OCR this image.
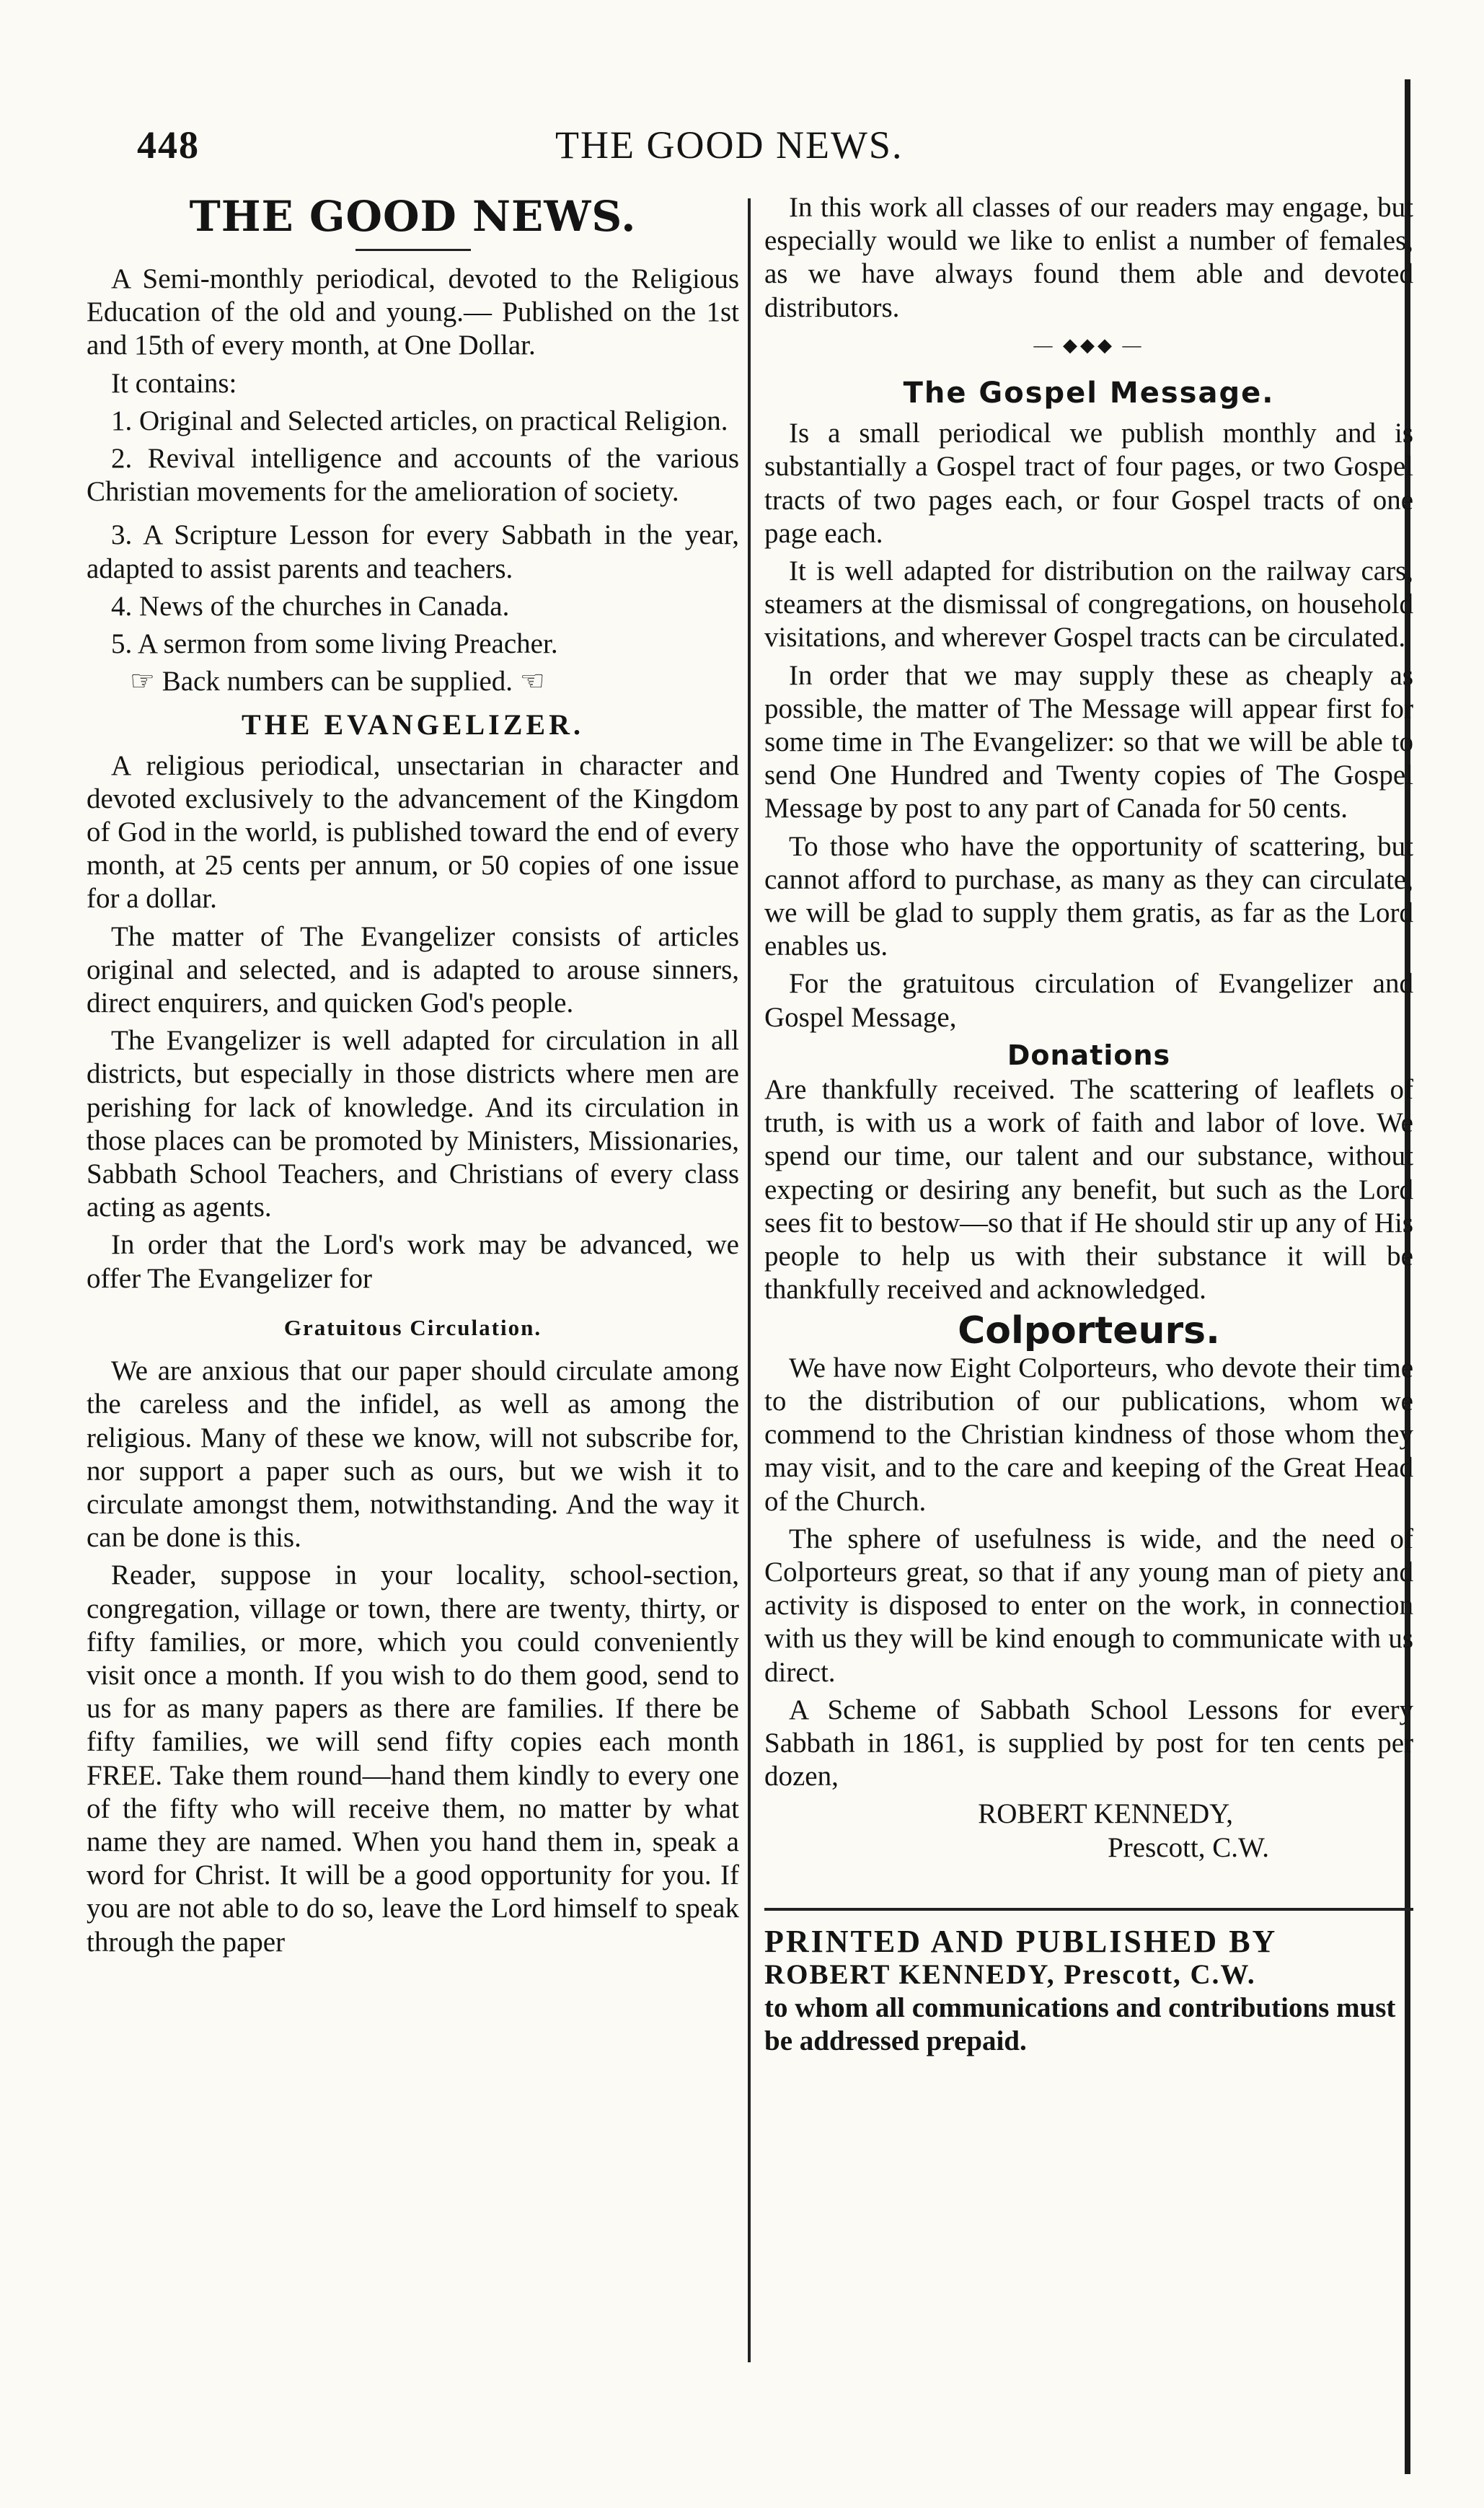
448	THE GOOD NEWS.
THE GOOD NEWS.

A Semi-monthly periodical, devoted to the Religious Education of the old and young.— Published on the 1st and 15th of every month, at One Dollar.

It contains:

1. Original and Selected articles, on practical Religion.

2. Revival intelligence and accounts of the various Christian movements for the amelioration of society.

3. A Scripture Lesson for every Sabbath in the year, adapted to assist parents and teachers.

4. News of the churches in Canada.

5. A sermon from some living Preacher.

☞ Back numbers can be supplied. ☜

THE EVANGELIZER.

A religious periodical, unsectarian in character and devoted exclusively to the advancement of the Kingdom of God in the world, is published toward the end of every month, at 25 cents per annum, or 50 copies of one issue for a dollar.

The matter of The Evangelizer consists of articles original and selected, and is adapted to arouse sinners, direct enquirers, and quicken God's people.

The Evangelizer is well adapted for circulation in all districts, but especially in those districts where men are perishing for lack of knowledge. And its circulation in those places can be promoted by Ministers, Missionaries, Sabbath School Teachers, and Christians of every class acting as agents.

In order that the Lord's work may be advanced, we offer The Evangelizer for

Gratuitous Circulation.

We are anxious that our paper should circulate among the careless and the infidel, as well as among the religious. Many of these we know, will not subscribe for, nor support a paper such as ours, but we wish it to circulate amongst them, notwithstanding. And the way it can be done is this.

Reader, suppose in your locality, school-section, congregation, village or town, there are twenty, thirty, or fifty families, or more, which you could conveniently visit once a month. If you wish to do them good, send to us for as many papers as there are families. If there be fifty families, we will send fifty copies each month FREE. Take them round—hand them kindly to every one of the fifty who will receive them, no matter by what name they are named. When you hand them in, speak a word for Christ. It will be a good opportunity for you. If you are not able to do so, leave the Lord himself to speak through the paper

In this work all classes of our readers may engage, but especially would we like to enlist a number of females, as we have always found them able and devoted distributors.

— ◆◆◆ —
The Gospel Message.

Is a small periodical we publish monthly and is substantially a Gospel tract of four pages, or two Gospel tracts of two pages each, or four Gospel tracts of one page each.

It is well adapted for distribution on the railway cars, steamers at the dismissal of congregations, on household visitations, and wherever Gospel tracts can be circulated.

In order that we may supply these as cheaply as possible, the matter of The Message will appear first for some time in The Evangelizer: so that we will be able to send One Hundred and Twenty copies of The Gospel Message by post to any part of Canada for 50 cents.

To those who have the opportunity of scattering, but cannot afford to purchase, as many as they can circulate, we will be glad to supply them gratis, as far as the Lord enables us.

For the gratuitous circulation of Evangelizer and Gospel Message,

Donations

Are thankfully received. The scattering of leaflets of truth, is with us a work of faith and labor of love. We spend our time, our talent and our substance, without expecting or desiring any benefit, but such as the Lord sees fit to bestow—so that if He should stir up any of His people to help us with their substance it will be thankfully received and acknowledged.

Colporteurs.

We have now Eight Colporteurs, who devote their time to the distribution of our publications, whom we commend to the Christian kindness of those whom they may visit, and to the care and keeping of the Great Head of the Church.

The sphere of usefulness is wide, and the need of Colporteurs great, so that if any young man of piety and activity is disposed to enter on the work, in connection with us they will be kind enough to communicate with us direct.

A Scheme of Sabbath School Lessons for every Sabbath in 1861, is supplied by post for ten cents per dozen,

ROBERT KENNEDY,
Prescott, C.W.
PRINTED AND PUBLISHED BY
ROBERT KENNEDY, Prescott, C.W.
to whom all communications and contributions must be addressed prepaid.
